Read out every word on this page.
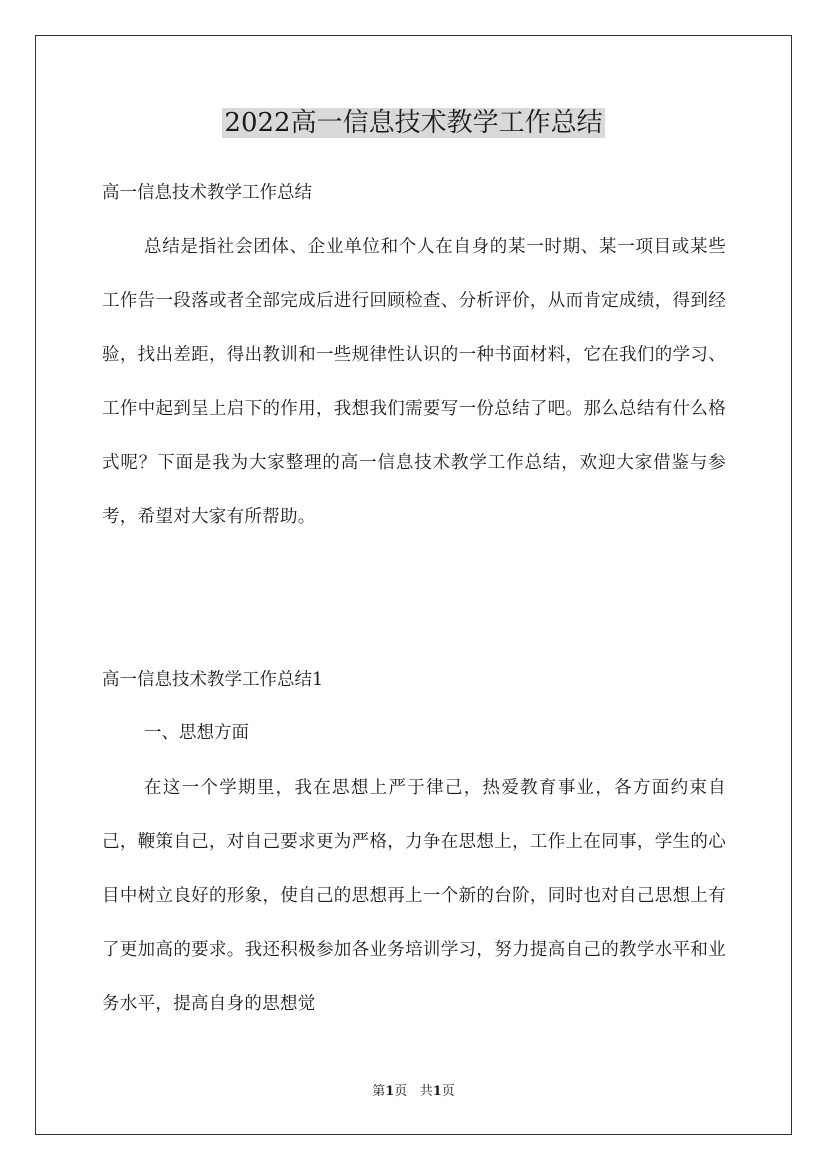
2022高一信息技术教学工作总结
高一信息技术教学工作总结

总结是指社会团体、企业单位和个人在自身的某一时期、某一项目或某些工作告一段落或者全部完成后进行回顾检查、分析评价，从而肯定成绩，得到经验，找出差距，得出教训和一些规律性认识的一种书面材料，它在我们的学习、工作中起到呈上启下的作用，我想我们需要写一份总结了吧。那么总结有什么格式呢？下面是我为大家整理的高一信息技术教学工作总结，欢迎大家借鉴与参考，希望对大家有所帮助。

高一信息技术教学工作总结1
一、思想方面

在这一个学期里，我在思想上严于律己，热爱教育事业，各方面约束自己，鞭策自己，对自己要求更为严格，力争在思想上，工作上在同事，学生的心目中树立良好的形象，使自己的思想再上一个新的台阶，同时也对自己思想上有了更加高的要求。我还积极参加各业务培训学习，努力提高自己的教学水平和业务水平，提高自身的思想觉

第1页   共1页
